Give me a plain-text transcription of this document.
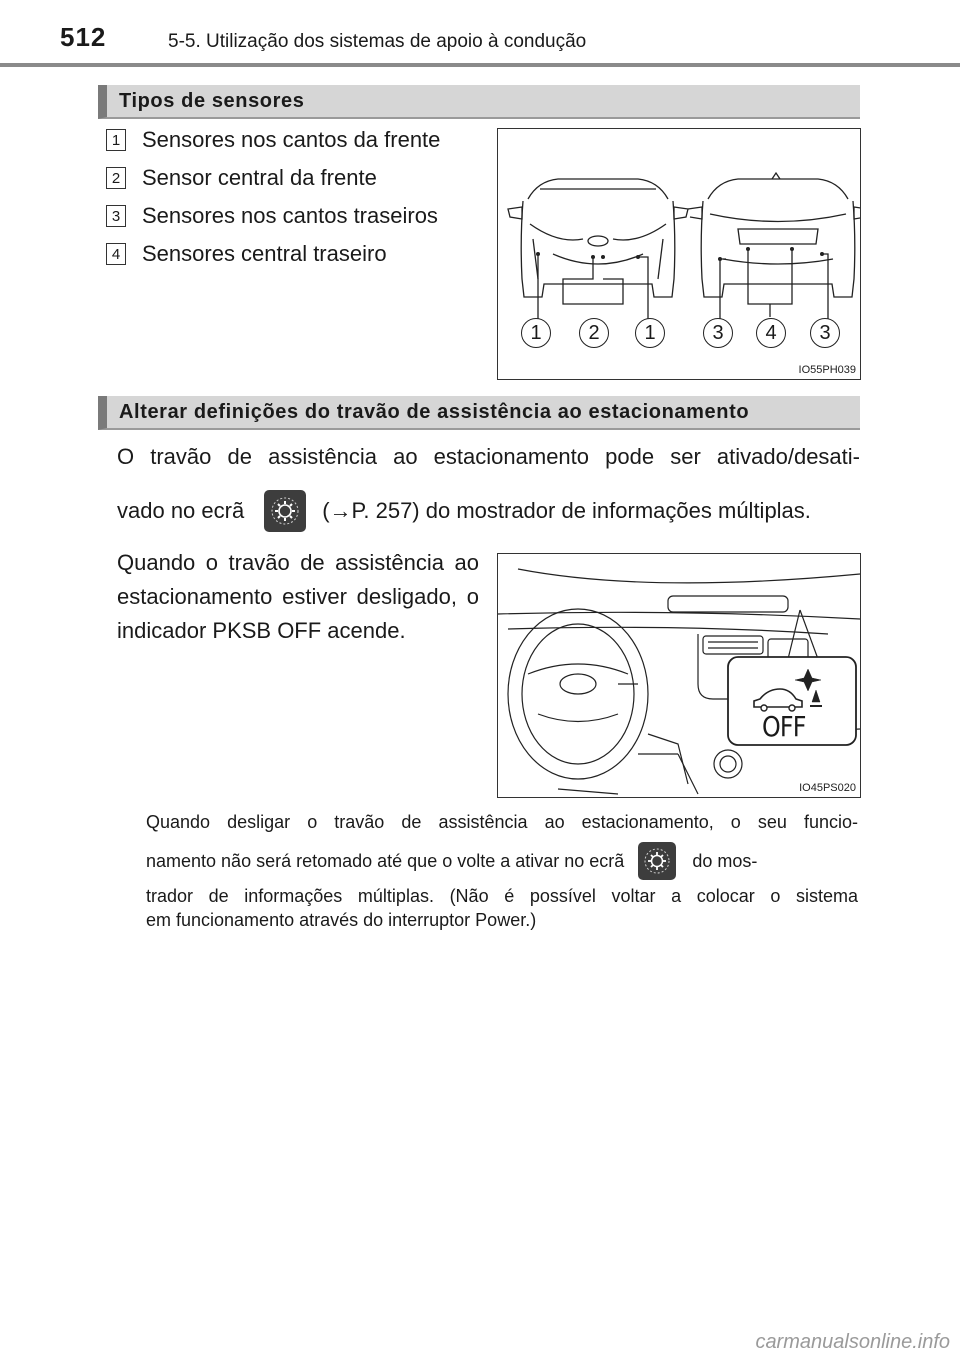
512	5-5. Utilização dos sistemas de apoio à condução
Tipos de sensores
1 Sensores nos cantos da frente
2 Sensor central da frente
3 Sensores nos cantos traseiros
4 Sensores central traseiro
1	2	1	3	4	3
IO55PH039
Alterar definições do travão de assistência ao estacionamento
O travão de assistência ao estacionamento pode ser ativado/desati-
vado no ecrã	(→P. 257) do mostrador de informações múltiplas.
Quando o travão de assistência ao estacionamento estiver desligado, o indicador PKSB OFF acende.
OFF
IO45PS020
Quando desligar o travão de assistência ao estacionamento, o seu funcio-
namento não será retomado até que o volte a ativar no ecrã	do mos-
trador de informações múltiplas. (Não é possível voltar a colocar o sistema
em funcionamento através do interruptor Power.)
carmanualsonline.info
